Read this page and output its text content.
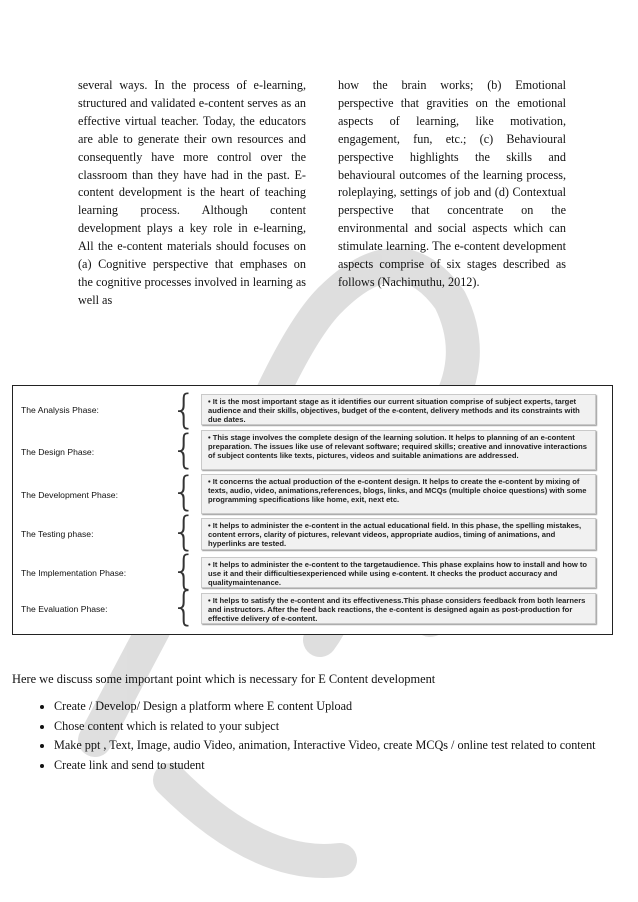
several ways. In the process of e-learning, structured and validated e-content serves as an effective virtual teacher. Today, the educators are able to generate their own resources and consequently have more control over the classroom than they have had in the past. E-content development is the heart of teaching learning process. Although content development plays a key role in e-learning, All the e-content materials should focuses on (a) Cognitive perspective that emphases on the cognitive processes involved in learning as well as
how the brain works; (b) Emotional perspective that gravities on the emotional aspects of learning, like motivation, engagement, fun, etc.; (c) Behavioural perspective highlights the skills and behavioural outcomes of the learning process, roleplaying, settings of job and (d) Contextual perspective that concentrate on the environmental and social aspects which can stimulate learning. The e-content development aspects comprise of six stages described as follows (Nachimuthu, 2012).
The Analysis Phase: {	• It is the most important stage as it identifies our current situation comprise of subject experts, target audience and their skills, objectives, budget of the e-content, delivery methods and its constraints with due dates.
The Design Phase: {	• This stage involves the complete design of the learning solution. It helps to planning of an e-content preparation. The issues like use of relevant software; required skills; creative and innovative interactions of subject contents like texts, pictures, videos and suitable animations are addressed.
The Development Phase: {	• It concerns the actual production of the e-content design. It helps to create the e-content by mixing of texts, audio, video, animations,references, blogs, links, and MCQs (multiple choice questions) with some programming specifications like home, exit, next etc.
The Testing phase: {	• It helps to administer the e-content in the actual educational field. In this phase, the spelling mistakes, content errors, clarity of pictures, relevant videos, appropriate audios, timing of animations, and hyperlinks are tested.
The Implementation Phase: {	• It helps to administer the e-content to the targetaudience. This phase explains how to install and how to use it and their difficultiesexperienced while using e-content. It checks the product accuracy and qualitymaintenance.
The Evaluation Phase: {	• It helps to satisfy the e-content and its effectiveness.This phase considers feedback from both learners and instructors. After the feed back reactions, the e-content is designed again as post-production for effective delivery of e-content.
Here we discuss some important point which is necessary for E Content development
• Create / Develop/ Design a platform where E content Upload
• Chose content which is related to your subject
• Make ppt , Text, Image, audio Video, animation, Interactive Video, create MCQs / online test related to content
• Create link and send to student
